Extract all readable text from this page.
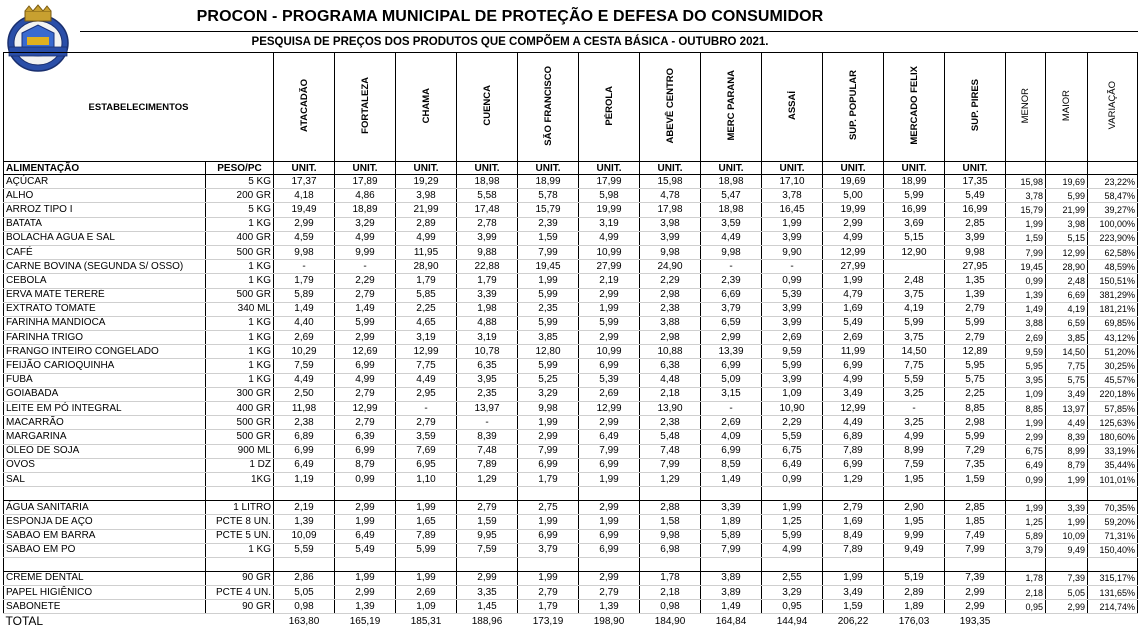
PROCON - PROGRAMA MUNICIPAL DE PROTEÇÃO E DEFESA DO CONSUMIDOR
PESQUISA DE PREÇOS DOS PRODUTOS QUE COMPÕEM A CESTA BÁSICA - OUTUBRO 2021.
ESTABELECIMENTOS		ATACADÃO	FORTALEZA	CHAMA	CUENCA	SÃO FRANCISCO	PÉROLA	ABEVÊ CENTRO	MERC PARANA	ASSAÍ	SUP. POPULAR	MERCADO FELIX	SUP. PIRES	MENOR	MAIOR	VARIAÇÃO
ALIMENTAÇÃO	PESO/PC	UNIT.	UNIT.	UNIT.	UNIT.	UNIT.	UNIT.	UNIT.	UNIT.	UNIT.	UNIT.	UNIT.	UNIT.			
AÇÚCAR	5 KG	17,37	17,89	19,29	18,98	18,99	17,99	15,98	18,98	17,10	19,69	18,99	17,35	15,98	19,69	23,22%
ALHO	200 GR	4,18	4,86	3,98	5,58	5,78	5,98	4,78	5,47	3,78	5,00	5,99	5,49	3,78	5,99	58,47%
ARROZ TIPO I	5 KG	19,49	18,89	21,99	17,48	15,79	19,99	17,98	18,98	16,45	19,99	16,99	16,99	15,79	21,99	39,27%
BATATA	1 KG	2,99	3,29	2,89	2,78	2,39	3,19	3,98	3,59	1,99	2,99	3,69	2,85	1,99	3,98	100,00%
BOLACHA ÁGUA E SAL	400 GR	4,59	4,99	4,99	3,99	1,59	4,99	3,99	4,49	3,99	4,99	5,15	3,99	1,59	5,15	223,90%
CAFÉ	500 GR	9,98	9,99	11,95	9,88	7,99	10,99	9,98	9,98	9,90	12,99	12,90	9,98	7,99	12,99	62,58%
CARNE BOVINA (SEGUNDA S/ OSSO)	1 KG	-	-	28,90	22,88	19,45	27,99	24,90	-	-	27,99		27,95	19,45	28,90	48,59%
CEBOLA	1 KG	1,79	2,29	1,79	1,79	1,99	2,19	2,29	2,39	0,99	1,99	2,48	1,35	0,99	2,48	150,51%
ERVA MATE TERERÉ	500 GR	5,89	2,79	5,85	3,39	5,99	2,99	2,98	6,69	5,39	4,79	3,75	1,39	1,39	6,69	381,29%
EXTRATO TOMATE	340 ML	1,49	1,49	2,25	1,98	2,35	1,99	2,38	3,79	3,99	1,69	4,19	2,79	1,49	4,19	181,21%
FARINHA MANDIOCA	1 KG	4,40	5,99	4,65	4,88	5,99	5,99	3,88	6,59	3,99	5,49	5,99	5,99	3,88	6,59	69,85%
FARINHA TRIGO	1 KG	2,69	2,99	3,19	3,19	3,85	2,99	2,98	2,99	2,69	2,69	3,75	2,79	2,69	3,85	43,12%
FRANGO INTEIRO CONGELADO	1 KG	10,29	12,69	12,99	10,78	12,80	10,99	10,88	13,39	9,59	11,99	14,50	12,89	9,59	14,50	51,20%
FEIJÃO CARIOQUINHA	1 KG	7,59	6,99	7,75	6,35	5,99	6,99	6,38	6,99	5,99	6,99	7,75	5,95	5,95	7,75	30,25%
FUBÁ	1 KG	4,49	4,99	4,49	3,95	5,25	5,39	4,48	5,09	3,99	4,99	5,59	5,75	3,95	5,75	45,57%
GOIABADA	300 GR	2,50	2,79	2,95	2,35	3,29	2,69	2,18	3,15	1,09	3,49	3,25	2,25	1,09	3,49	220,18%
LEITE EM PÓ INTEGRAL	400 GR	11,98	12,99	-	13,97	9,98	12,99	13,90	-	10,90	12,99	-	8,85	8,85	13,97	57,85%
MACARRÃO	500 GR	2,38	2,79	2,79	-	1,99	2,99	2,38	2,69	2,29	4,49	3,25	2,98	1,99	4,49	125,63%
MARGARINA	500 GR	6,89	6,39	3,59	8,39	2,99	6,49	5,48	4,09	5,59	6,89	4,99	5,99	2,99	8,39	180,60%
ÓLEO DE SOJA	900 ML	6,99	6,99	7,69	7,48	7,99	7,99	7,48	6,99	6,75	7,89	8,99	7,29	6,75	8,99	33,19%
OVOS	1 DZ	6,49	8,79	6,95	7,89	6,99	6,99	7,99	8,59	6,49	6,99	7,59	7,35	6,49	8,79	35,44%
SAL	1KG	1,19	0,99	1,10	1,29	1,79	1,99	1,29	1,49	0,99	1,29	1,95	1,59	0,99	1,99	101,01%

ÁGUA SANITARIA	1 LITRO	2,19	2,99	1,99	2,79	2,75	2,99	2,88	3,39	1,99	2,79	2,90	2,85	1,99	3,39	70,35%
ESPONJA DE AÇO	PCTE 8 UN.	1,39	1,99	1,65	1,59	1,99	1,99	1,58	1,89	1,25	1,69	1,95	1,85	1,25	1,99	59,20%
SABÃO EM BARRA	PCTE 5 UN.	10,09	6,49	7,89	9,95	6,99	6,99	9,98	5,89	5,99	8,49	9,99	7,49	5,89	10,09	71,31%
SABÃO EM PÓ	1 KG	5,59	5,49	5,99	7,59	3,79	6,99	6,98	7,99	4,99	7,89	9,49	7,99	3,79	9,49	150,40%

CREME DENTAL	90 GR	2,86	1,99	1,99	2,99	1,99	2,99	1,78	3,89	2,55	1,99	5,19	7,39	1,78	7,39	315,17%
PAPEL HIGIÊNICO	PCTE 4 UN.	5,05	2,99	2,69	3,35	2,79	2,79	2,18	3,89	3,29	3,49	2,89	2,99	2,18	5,05	131,65%
SABONETE	90 GR	0,98	1,39	1,09	1,45	1,79	1,39	0,98	1,49	0,95	1,59	1,89	2,99	0,95	2,99	214,74%
TOTAL		163,80	165,19	185,31	188,96	173,19	198,90	184,90	164,84	144,94	206,22	176,03	193,35			
